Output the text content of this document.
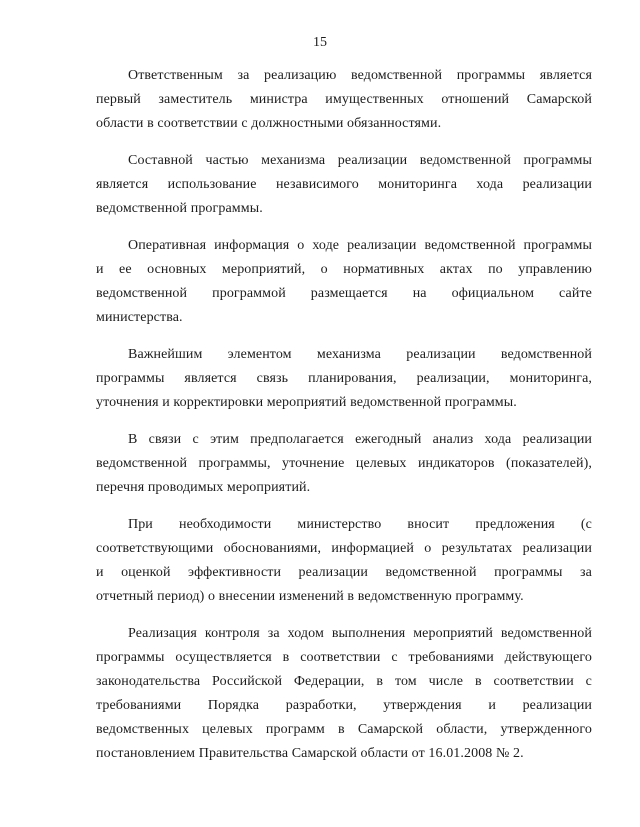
15

Ответственным за реализацию ведомственной программы является
первый заместитель министра имущественных отношений Самарской
области в соответствии с должностными обязанностями.

Составной частью механизма реализации ведомственной программы
является использование независимого мониторинга хода реализации
ведомственной программы.

Оперативная информация о ходе реализации ведомственной программы
и ее основных мероприятий, о нормативных актах по управлению
ведомственной программой размещается на официальном сайте
министерства.

Важнейшим элементом механизма реализации ведомственной
программы является связь планирования, реализации, мониторинга,
уточнения и корректировки мероприятий ведомственной программы.

В связи с этим предполагается ежегодный анализ хода реализации
ведомственной программы, уточнение целевых индикаторов (показателей),
перечня проводимых мероприятий.

При необходимости министерство вносит предложения (с
соответствующими обоснованиями, информацией о результатах реализации
и оценкой эффективности реализации ведомственной программы за
отчетный период) о внесении изменений в ведомственную программу.

Реализация контроля за ходом выполнения мероприятий ведомственной
программы осуществляется в соответствии с требованиями действующего
законодательства Российской Федерации, в том числе в соответствии с
требованиями Порядка разработки, утверждения и реализации
ведомственных целевых программ в Самарской области, утвержденного
постановлением Правительства Самарской области от 16.01.2008 № 2.
